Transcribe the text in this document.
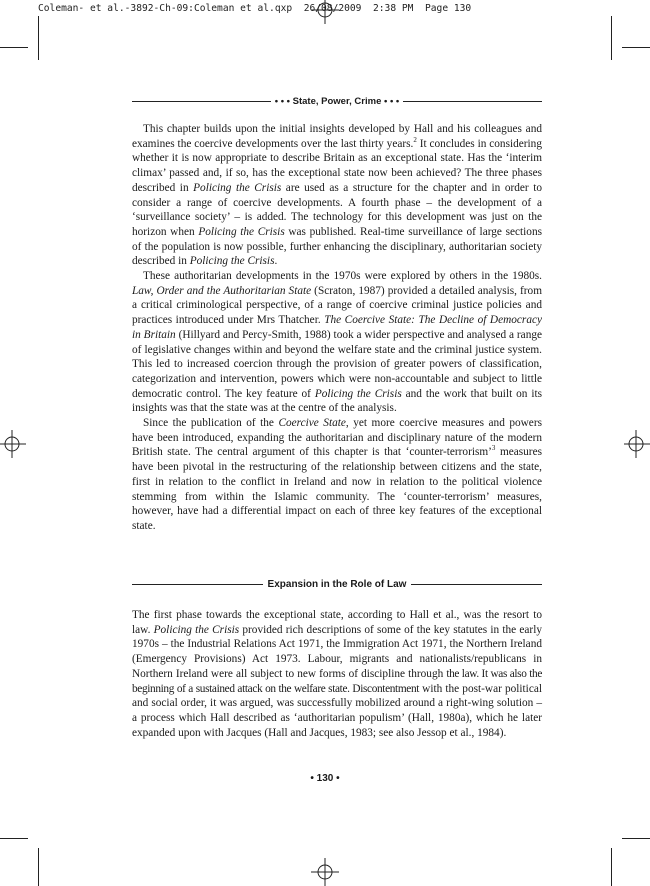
Coleman- et al.-3892-Ch-09:Coleman et al.qxp  26/08/2009  2:38 PM  Page 130
• • • State, Power, Crime • • •

This chapter builds upon the initial insights developed by Hall and his colleagues and examines the coercive developments over the last thirty years.$^2$ It concludes in considering whether it is now appropriate to describe Britain as an exceptional state. Has the ‘interim climax’ passed and, if so, has the exceptional state now been achieved? The three phases described in Policing the Crisis are used as a structure for the chapter and in order to consider a range of coercive developments. A fourth phase – the development of a ‘surveillance society’ – is added. The technology for this development was just on the horizon when Policing the Crisis was published. Real-time surveillance of large sections of the population is now possible, further enhancing the disciplinary, authoritarian society described in Policing the Crisis.

These authoritarian developments in the 1970s were explored by others in the 1980s. Law, Order and the Authoritarian State (Scraton, 1987) provided a detailed analysis, from a critical criminological perspective, of a range of coercive criminal justice policies and practices introduced under Mrs Thatcher. The Coercive State: The Decline of Democracy in Britain (Hillyard and Percy-Smith, 1988) took a wider perspective and analysed a range of legislative changes within and beyond the welfare state and the criminal justice system. This led to increased coercion through the provision of greater powers of classification, categorization and intervention, powers which were non-accountable and subject to little democratic control. The key feature of Policing the Crisis and the work that built on its insights was that the state was at the centre of the analysis.

Since the publication of the Coercive State, yet more coercive measures and powers have been introduced, expanding the authoritarian and disciplinary nature of the modern British state. The central argument of this chapter is that ‘counter-terrorism’$^3$ measures have been pivotal in the restructuring of the relationship between citizens and the state, first in relation to the conflict in Ireland and now in relation to the political violence stemming from within the Islamic community. The ‘counter-terrorism’ measures, however, have had a differential impact on each of three key features of the exceptional state.

Expansion in the Role of Law

The first phase towards the exceptional state, according to Hall et al., was the resort to law. Policing the Crisis provided rich descriptions of some of the key statutes in the early 1970s – the Industrial Relations Act 1971, the Immigration Act 1971, the Northern Ireland (Emergency Provisions) Act 1973. Labour, migrants and nationalists/republicans in Northern Ireland were all subject to new forms of discipline through the law. It was also the beginning of a sustained attack on the welfare state. Discontentment with the post-war political and social order, it was argued, was successfully mobilized around a right-wing solution – a process which Hall described as ‘authoritarian populism’ (Hall, 1980a), which he later expanded upon with Jacques (Hall and Jacques, 1983; see also Jessop et al., 1984).

• 130 •
